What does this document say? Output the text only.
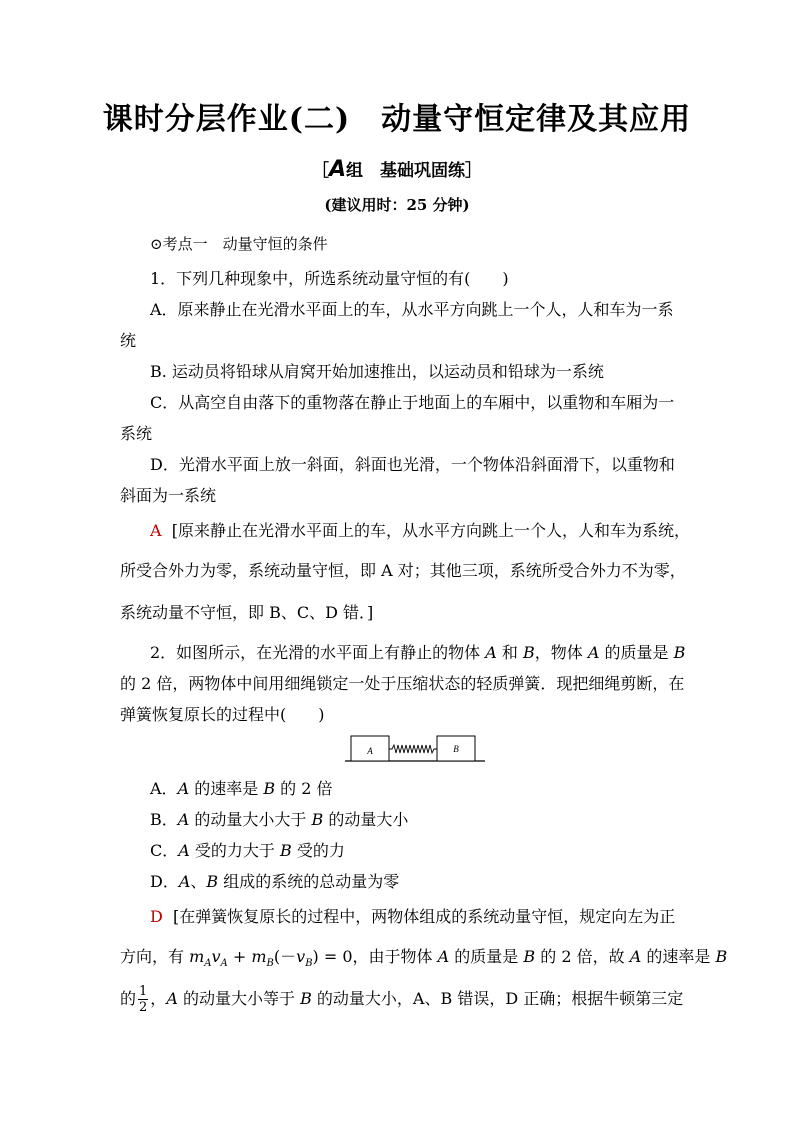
课时分层作业(二)　动量守恒定律及其应用
［A组　基础巩固练］
(建议用时：25 分钟)
⊙考点一　动量守恒的条件
1．下列几种现象中，所选系统动量守恒的有(　　)
A．原来静止在光滑水平面上的车，从水平方向跳上一个人，人和车为一系
统
B. 运动员将铅球从肩窝开始加速推出，以运动员和铅球为一系统
C．从高空自由落下的重物落在静止于地面上的车厢中，以重物和车厢为一
系统
D．光滑水平面上放一斜面，斜面也光滑，一个物体沿斜面滑下，以重物和
斜面为一系统
A [原来静止在光滑水平面上的车，从水平方向跳上一个人，人和车为系统，
所受合外力为零，系统动量守恒，即 A 对；其他三项，系统所受合外力不为零，
系统动量不守恒，即 B、C、D 错．]
2．如图所示，在光滑的水平面上有静止的物体 A 和 B，物体 A 的质量是 B
的 2 倍，两物体中间用细绳锁定一处于压缩状态的轻质弹簧．现把细绳剪断，在
弹簧恢复原长的过程中(　　)
A	B
A．A 的速率是 B 的 2 倍
B．A 的动量大小大于 B 的动量大小
C．A 受的力大于 B 受的力
D．A、B 组成的系统的总动量为零
D [在弹簧恢复原长的过程中，两物体组成的系统动量守恒，规定向左为正
方向，有 $m_Av_A + m_B(-v_B) = 0$，由于物体 A 的质量是 B 的 2 倍，故 A 的速率是 B
的 $\frac{1}{2}$ ，A 的动量大小等于 B 的动量大小，A、B 错误，D 正确；根据牛顿第三定
